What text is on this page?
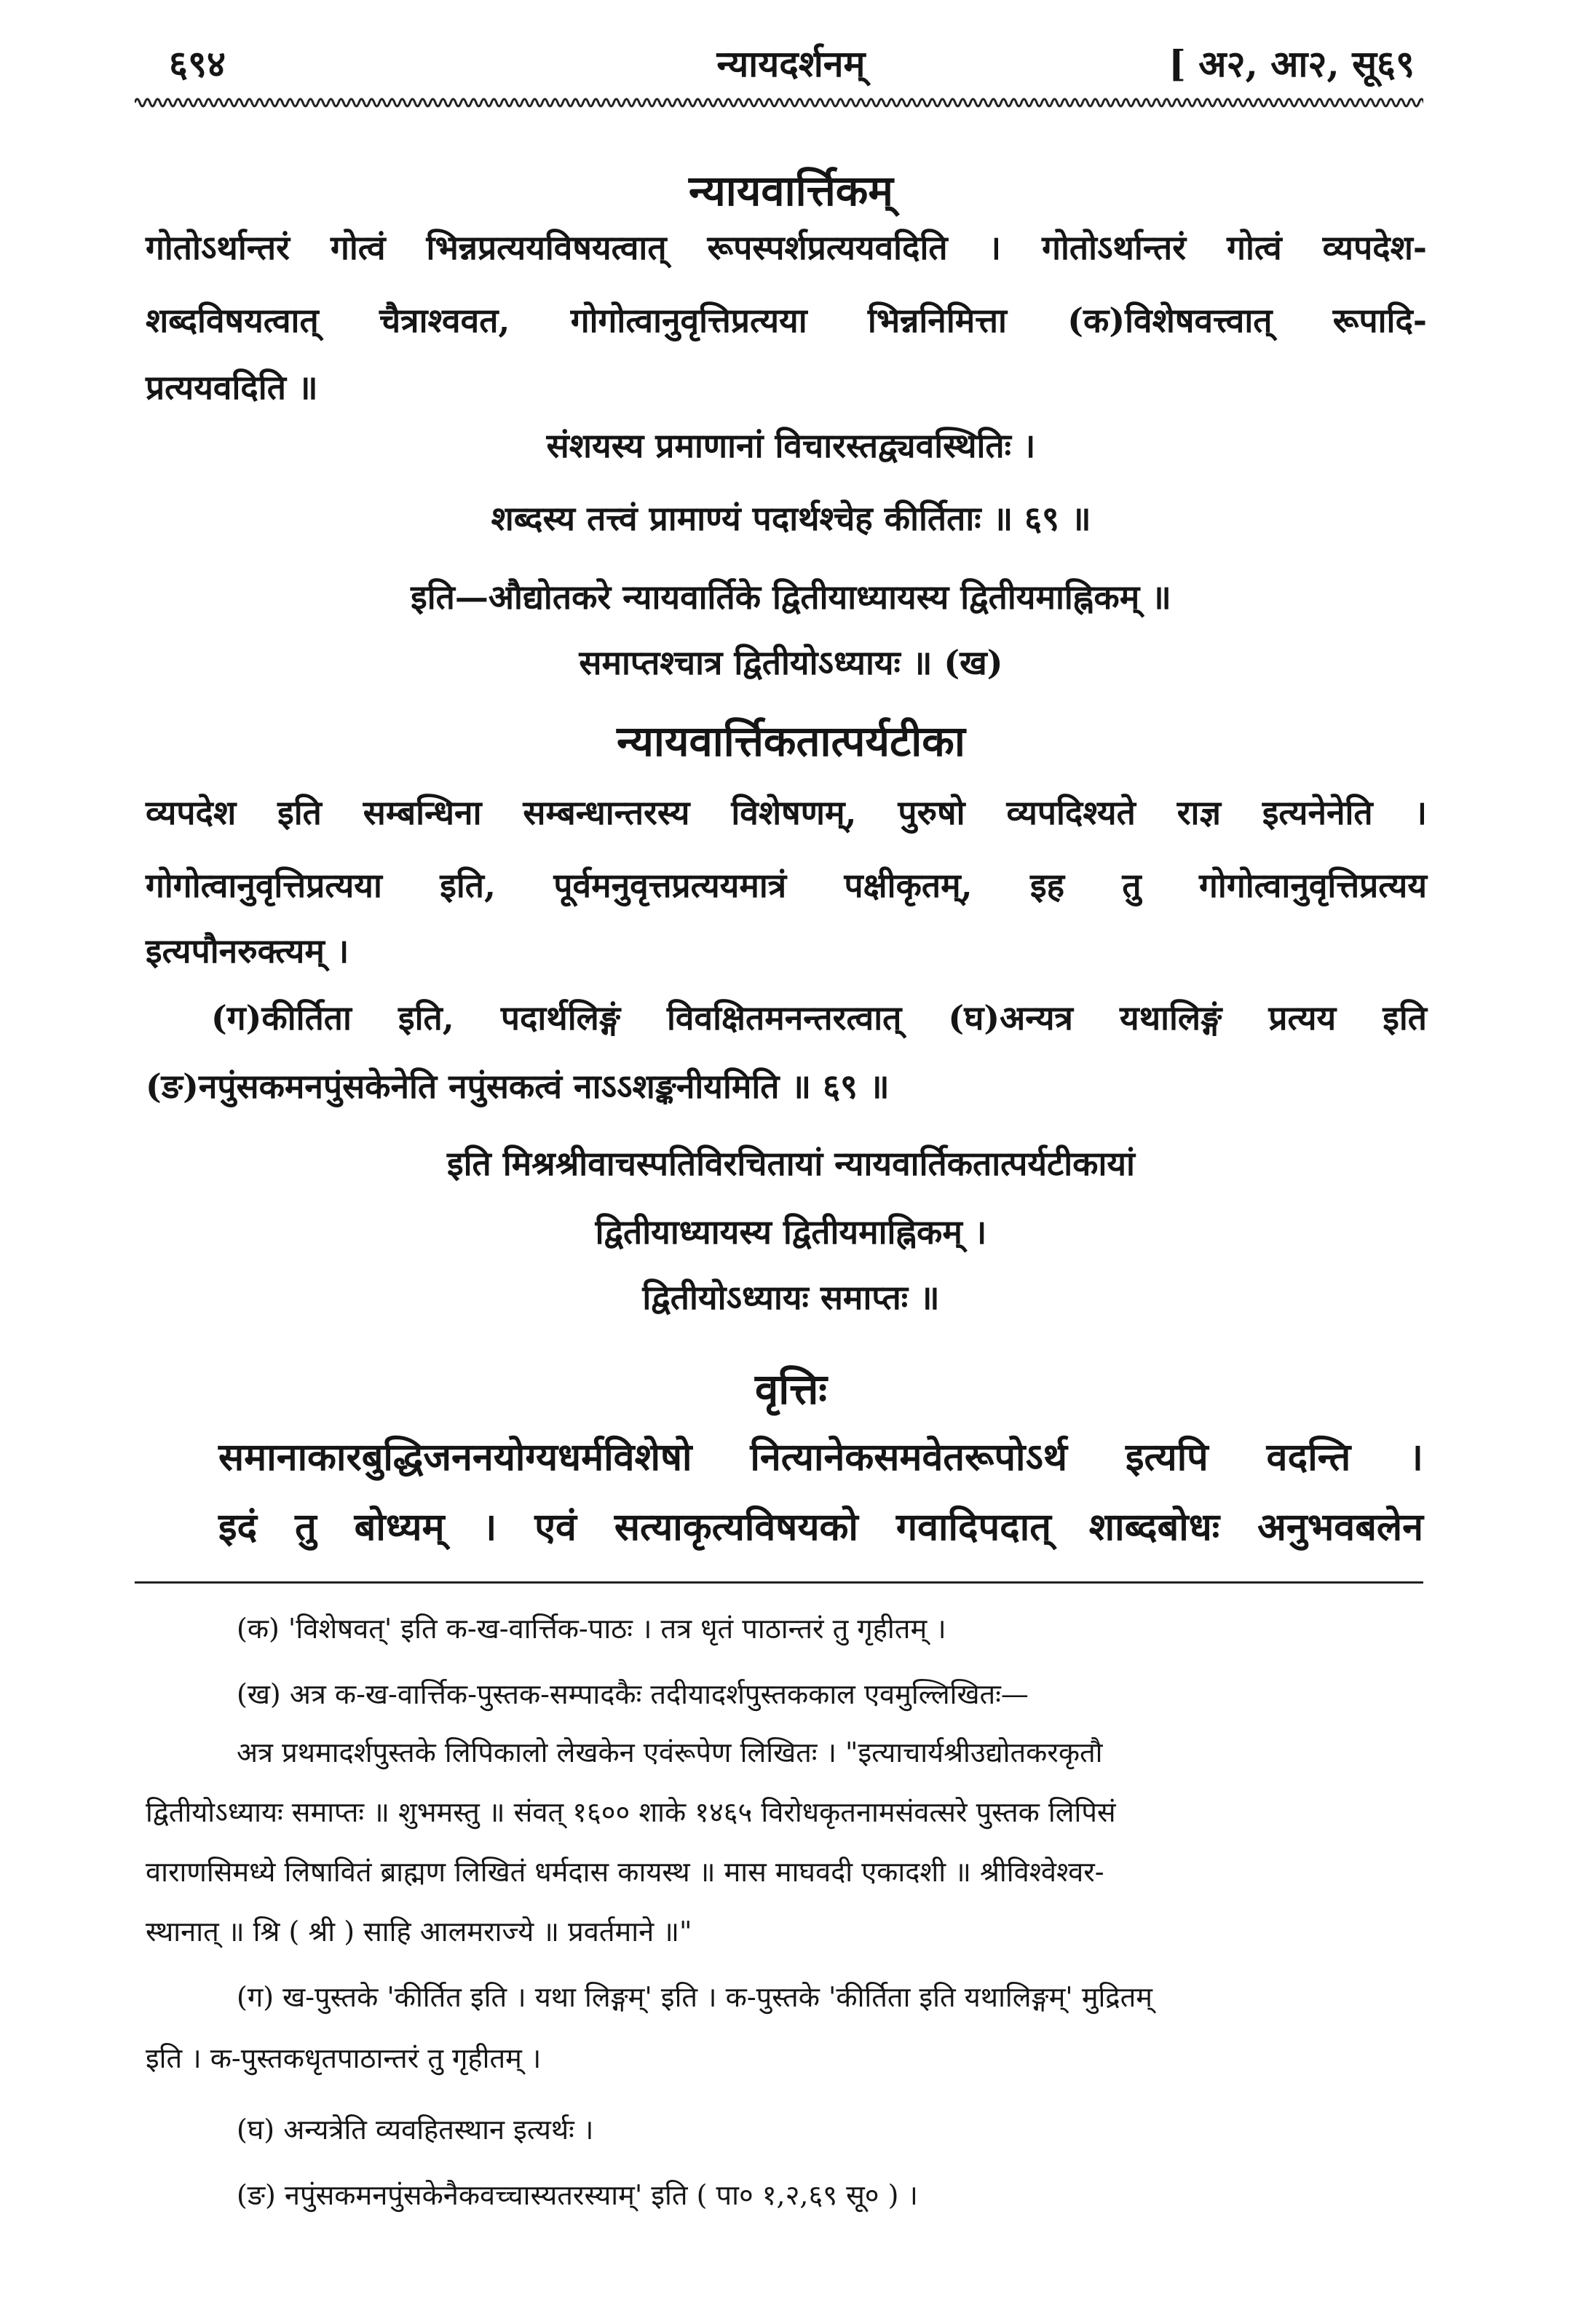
६९४	न्यायदर्शनम्	[ अ२, आ२, सू६९
न्यायवार्त्तिकम्
गोतोऽर्थान्तरं गोत्वं भिन्नप्रत्ययविषयत्वात् रूपस्पर्शप्रत्ययवदिति । गोतोऽर्थान्तरं गोत्वं व्यपदेश-
शब्दविषयत्वात् चैत्राश्ववत, गोगोत्वानुवृत्तिप्रत्यया भिन्ननिमित्ता (क)विशेषवत्त्वात् रूपादि-
प्रत्ययवदिति ॥
संशयस्य प्रमाणानां विचारस्तद्व्यवस्थितिः ।
शब्दस्य तत्त्वं प्रामाण्यं पदार्थश्चेह कीर्तिताः ॥ ६९ ॥
इति—औद्योतकरे न्यायवार्तिके द्वितीयाध्यायस्य द्वितीयमाह्निकम् ॥
समाप्तश्चात्र द्वितीयोऽध्यायः ॥ (ख)
न्यायवार्त्तिकतात्पर्यटीका
व्यपदेश इति सम्बन्धिना सम्बन्धान्तरस्य विशेषणम्, पुरुषो व्यपदिश्यते राज्ञ इत्यनेनेति ।
गोगोत्वानुवृत्तिप्रत्यया इति, पूर्वमनुवृत्तप्रत्ययमात्रं पक्षीकृतम्, इह तु गोगोत्वानुवृत्तिप्रत्यय
इत्यपौनरुक्त्यम् ।
(ग)कीर्तिता इति, पदार्थलिङ्गं विवक्षितमनन्तरत्वात् (घ)अन्यत्र यथालिङ्गं प्रत्यय इति
(ङ)नपुंसकमनपुंसकेनेति नपुंसकत्वं नाऽऽशङ्कनीयमिति ॥ ६९ ॥
इति मिश्रश्रीवाचस्पतिविरचितायां न्यायवार्तिकतात्पर्यटीकायां
द्वितीयाध्यायस्य द्वितीयमाह्निकम् ।
द्वितीयोऽध्यायः समाप्तः ॥
वृत्तिः
समानाकारबुद्धिजननयोग्यधर्मविशेषो नित्यानेकसमवेतरूपोऽर्थ इत्यपि वदन्ति ।
इदं तु बोध्यम् । एवं सत्याकृत्यविषयको गवादिपदात् शाब्दबोधः अनुभवबलेन
(क) 'विशेषवत्' इति क-ख-वार्त्तिक-पाठः । तत्र धृतं पाठान्तरं तु गृहीतम् ।
(ख) अत्र क-ख-वार्त्तिक-पुस्तक-सम्पादकैः तदीयादर्शपुस्तककाल एवमुल्लिखितः—
अत्र प्रथमादर्शपुस्तके लिपिकालो लेखकेन एवंरूपेण लिखितः । "इत्याचार्यश्रीउद्योतकरकृतौ
द्वितीयोऽध्यायः समाप्तः ॥ शुभमस्तु ॥ संवत् १६०० शाके १४६५ विरोधकृतनामसंवत्सरे पुस्तक लिपिसं
वाराणसिमध्ये लिषावितं ब्राह्मण लिखितं धर्मदास कायस्थ ॥ मास माघवदी एकादशी ॥ श्रीविश्वेश्वर-
स्थानात् ॥ श्रि ( श्री ) साहि आलमराज्ये ॥ प्रवर्तमाने ॥"
(ग) ख-पुस्तके 'कीर्तित इति । यथा लिङ्गम्' इति । क-पुस्तके 'कीर्तिता इति यथालिङ्गम्' मुद्रितम्
इति । क-पुस्तकधृतपाठान्तरं तु गृहीतम् ।
(घ) अन्यत्रेति व्यवहितस्थान इत्यर्थः ।
(ङ) नपुंसकमनपुंसकेनैकवच्चास्यतरस्याम्' इति ( पा० १,२,६९ सू० ) ।
